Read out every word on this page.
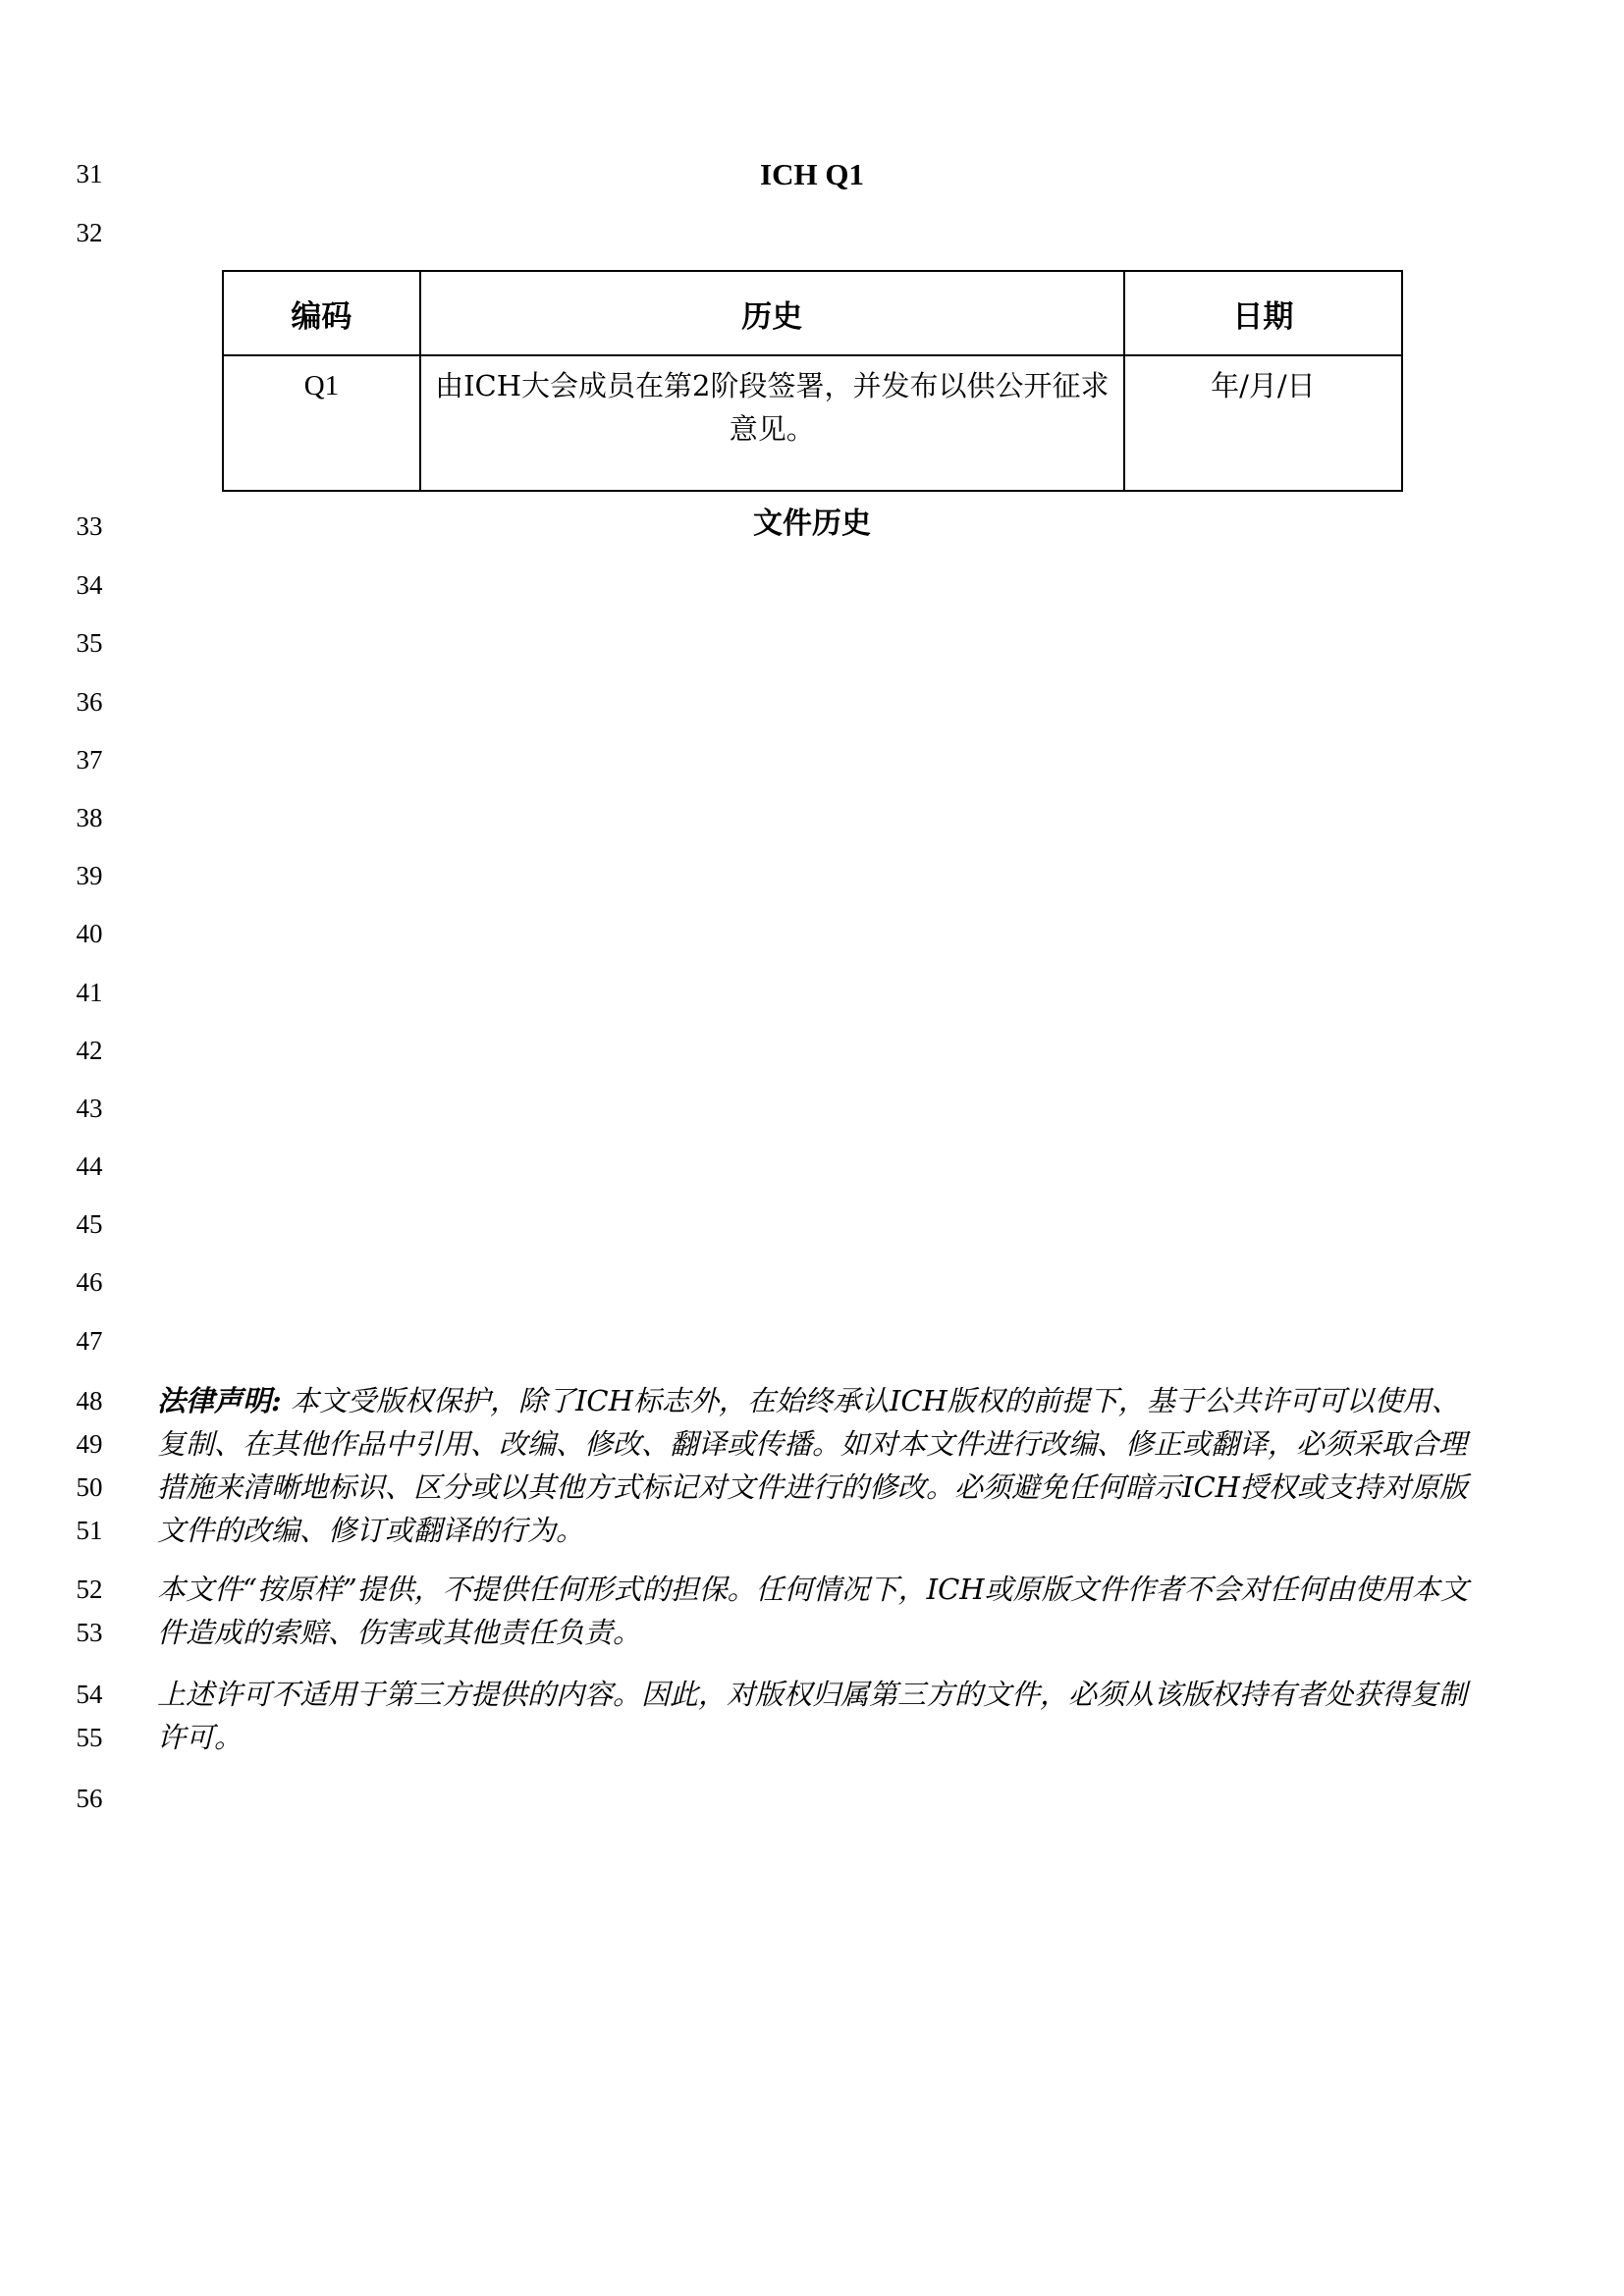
31
32
33
34
35
36
37
38
39
40
41
42
43
44
45
46
47
48
49
50
51
52
53
54
55
56
ICH Q1
编码	历史	日期
Q1	由ICH大会成员在第2阶段签署，并发布以供公开征求意见。	年/月/日
文件历史
法律声明: 本文受版权保护，除了ICH标志外，在始终承认ICH版权的前提下，基于公共许可可以使用、复制、在其他作品中引用、改编、修改、翻译或传播。如对本文件进行改编、修正或翻译，必须采取合理措施来清晰地标识、区分或以其他方式标记对文件进行的修改。必须避免任何暗示ICH授权或支持对原版文件的改编、修订或翻译的行为。
本文件“按原样”提供，不提供任何形式的担保。任何情况下，ICH或原版文件作者不会对任何由使用本文件造成的索赔、伤害或其他责任负责。
上述许可不适用于第三方提供的内容。因此，对版权归属第三方的文件，必须从该版权持有者处获得复制许可。
